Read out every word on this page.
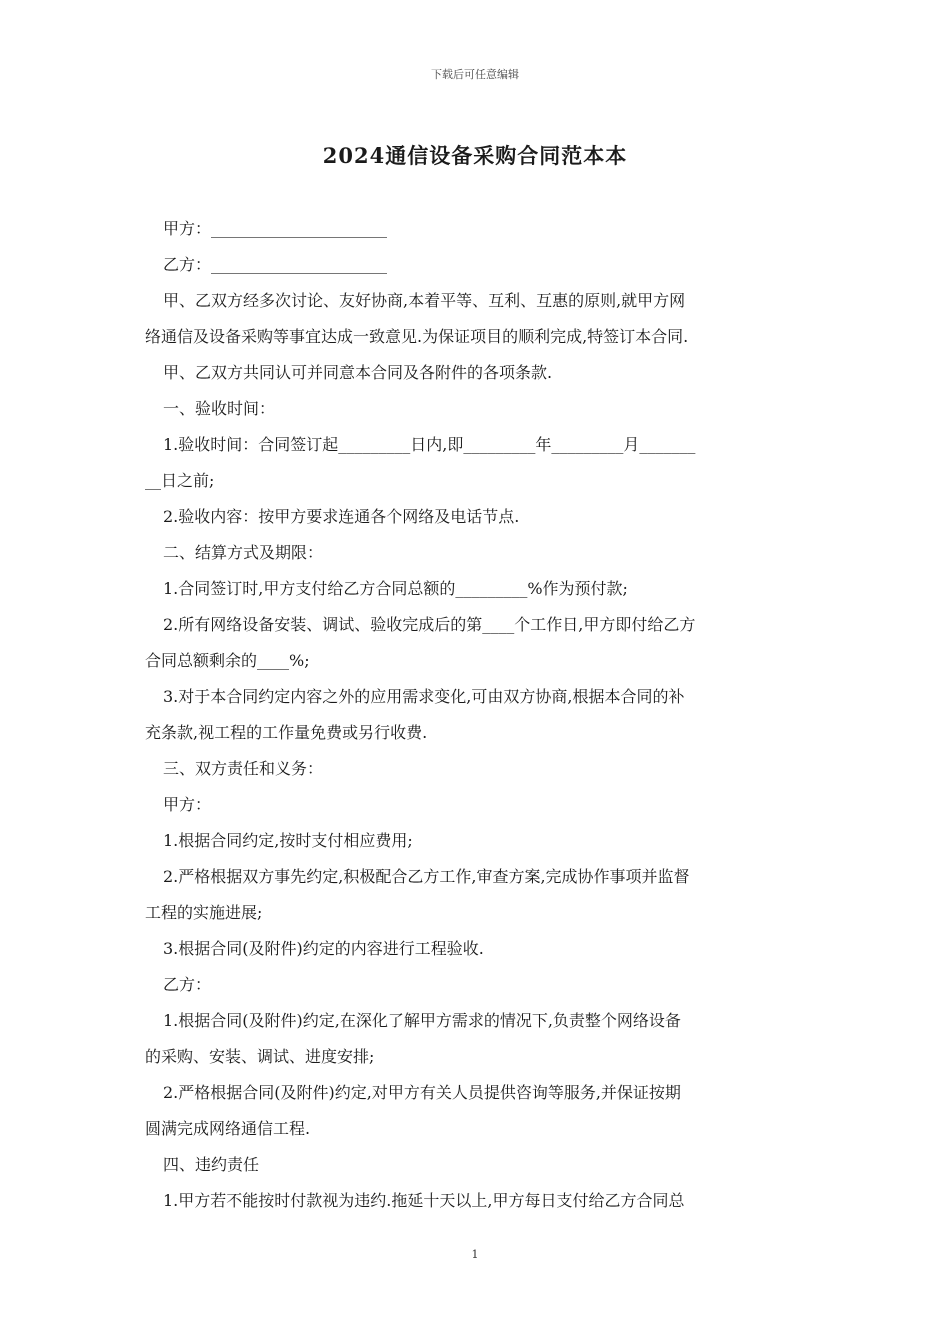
下载后可任意编辑
2024通信设备采购合同范本本
甲方：______________________
乙方：______________________
甲、乙双方经多次讨论、友好协商,本着平等、互利、互惠的原则,就甲方网
络通信及设备采购等事宜达成一致意见.为保证项目的顺利完成,特签订本合同.
甲、乙双方共同认可并同意本合同及各附件的各项条款.
一、验收时间：
1.验收时间：合同签订起_________日内,即_________年_________月_______
__日之前;
2.验收内容：按甲方要求连通各个网络及电话节点.
二、结算方式及期限：
1.合同签订时,甲方支付给乙方合同总额的_________%作为预付款;
2.所有网络设备安装、调试、验收完成后的第____个工作日,甲方即付给乙方
合同总额剩余的____%;
3.对于本合同约定内容之外的应用需求变化,可由双方协商,根据本合同的补
充条款,视工程的工作量免费或另行收费.
三、双方责任和义务：
甲方：
1.根据合同约定,按时支付相应费用;
2.严格根据双方事先约定,积极配合乙方工作,审查方案,完成协作事项并监督
工程的实施进展;
3.根据合同(及附件)约定的内容进行工程验收.
乙方：
1.根据合同(及附件)约定,在深化了解甲方需求的情况下,负责整个网络设备
的采购、安装、调试、进度安排;
2.严格根据合同(及附件)约定,对甲方有关人员提供咨询等服务,并保证按期
圆满完成网络通信工程.
四、违约责任
1.甲方若不能按时付款视为违约.拖延十天以上,甲方每日支付给乙方合同总
1
